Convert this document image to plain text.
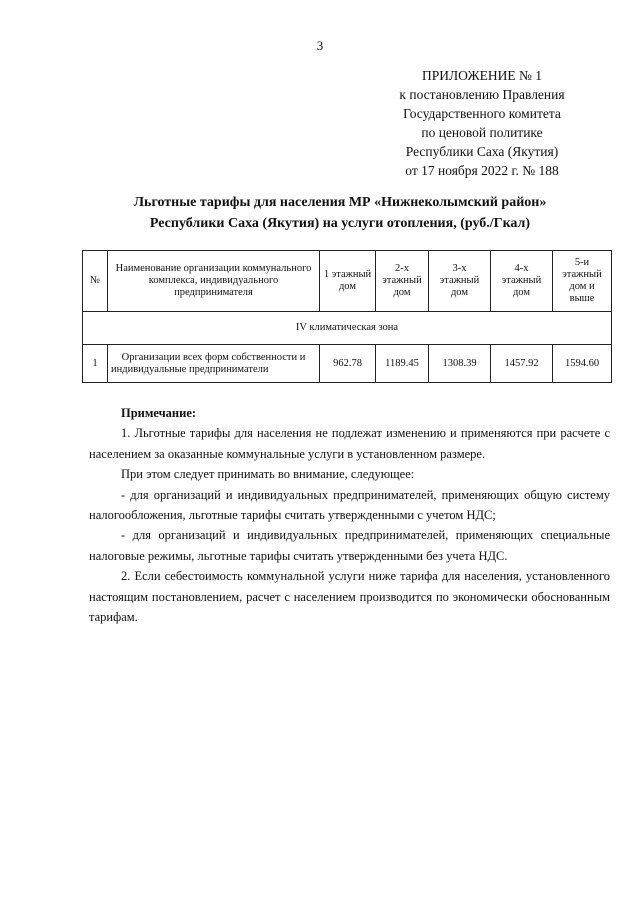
3
ПРИЛОЖЕНИЕ № 1
к постановлению Правления
Государственного комитета
по ценовой политике
Республики Саха (Якутия)
от 17 ноября 2022 г. № 188
Льготные тарифы для населения МР «Нижнеколымский район»
Республики Саха (Якутия) на услуги отопления, (руб./Гкал)
№	Наименование организации коммунального комплекса, индивидуального предпринимателя	1 этажный дом	2-х этажный дом	3-х этажный дом	4-х этажный дом	5-и этажный дом и выше
IV климатическая зона						
1	Организации всех форм собственности и индивидуальные предприниматели	962.78	1189.45	1308.39	1457.92	1594.60

Примечание:

1. Льготные тарифы для населения не подлежат изменению и применяются при расчете с населением за оказанные коммунальные услуги в установленном размере.

При этом следует принимать во внимание, следующее:

- для организаций и индивидуальных предпринимателей, применяющих общую систему налогообложения, льготные тарифы считать утвержденными с учетом НДС;

- для организаций и индивидуальных предпринимателей, применяющих специальные налоговые режимы, льготные тарифы считать утвержденными без учета НДС.

2. Если себестоимость коммунальной услуги ниже тарифа для населения, установленного настоящим постановлением, расчет с населением производится по экономически обоснованным тарифам.
